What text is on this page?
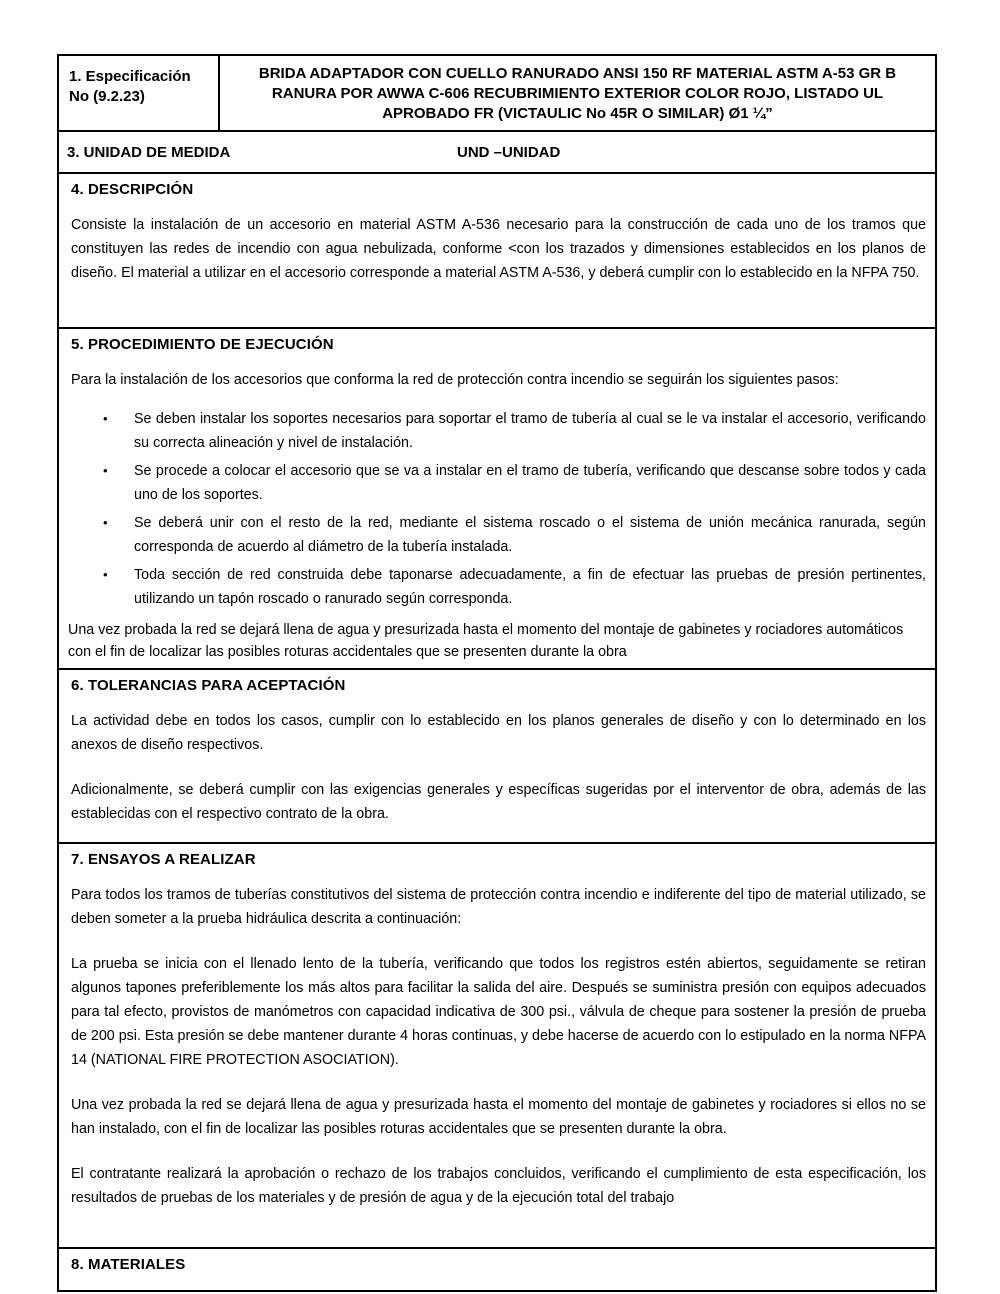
1. Especificación No (9.2.23)
BRIDA ADAPTADOR CON CUELLO RANURADO ANSI 150 RF MATERIAL ASTM A-53 GR B RANURA POR AWWA C-606 RECUBRIMIENTO EXTERIOR COLOR ROJO, LISTADO UL APROBADO FR (VICTAULIC No 45R O SIMILAR) Ø1 ¼”
3. UNIDAD DE MEDIDA	UND –UNIDAD
4. DESCRIPCIÓN

Consiste la instalación de un accesorio en material ASTM A-536 necesario para la construcción de cada uno de los tramos que constituyen las redes de incendio con agua nebulizada, conforme <con los trazados y dimensiones establecidos en los planos de diseño. El material a utilizar en el accesorio corresponde a material ASTM A-536, y deberá cumplir con lo establecido en la NFPA 750.

5. PROCEDIMIENTO DE EJECUCIÓN

Para la instalación de los accesorios que conforma la red de protección contra incendio se seguirán los siguientes pasos:

• Se deben instalar los soportes necesarios para soportar el tramo de tubería al cual se le va instalar el accesorio, verificando su correcta alineación y nivel de instalación.
• Se procede a colocar el accesorio que se va a instalar en el tramo de tubería, verificando que descanse sobre todos y cada uno de los soportes.
• Se deberá unir con el resto de la red, mediante el sistema roscado o el sistema de unión mecánica ranurada, según corresponda de acuerdo al diámetro de la tubería instalada.
• Toda sección de red construida debe taponarse adecuadamente, a fin de efectuar las pruebas de presión pertinentes, utilizando un tapón roscado o ranurado según corresponda.

Una vez probada la red se dejará llena de agua y presurizada hasta el momento del montaje de gabinetes y rociadores automáticos con el fin de localizar las posibles roturas accidentales que se presenten durante la obra

6. TOLERANCIAS PARA ACEPTACIÓN

La actividad debe en todos los casos, cumplir con lo establecido en los planos generales de diseño y con lo determinado en los anexos de diseño respectivos.

Adicionalmente, se deberá cumplir con las exigencias generales y específicas sugeridas por el interventor de obra, además de las establecidas con el respectivo contrato de la obra.

7. ENSAYOS A REALIZAR

Para todos los tramos de tuberías constitutivos del sistema de protección contra incendio e indiferente del tipo de material utilizado, se deben someter a la prueba hidráulica descrita a continuación:

La prueba se inicia con el llenado lento de la tubería, verificando que todos los registros estén abiertos, seguidamente se retiran algunos tapones preferiblemente los más altos para facilitar la salida del aire. Después se suministra presión con equipos adecuados para tal efecto, provistos de manómetros con capacidad indicativa de 300 psi., válvula de cheque para sostener la presión de prueba de 200 psi. Esta presión se debe mantener durante 4 horas continuas, y debe hacerse de acuerdo con lo estipulado en la norma NFPA 14 (NATIONAL FIRE PROTECTION ASOCIATION).

Una vez probada la red se dejará llena de agua y presurizada hasta el momento del montaje de gabinetes y rociadores si ellos no se han instalado, con el fin de localizar las posibles roturas accidentales que se presenten durante la obra.

El contratante realizará la aprobación o rechazo de los trabajos concluidos, verificando el cumplimiento de esta especificación, los resultados de pruebas de los materiales y de presión de agua y de la ejecución total del trabajo

8. MATERIALES
